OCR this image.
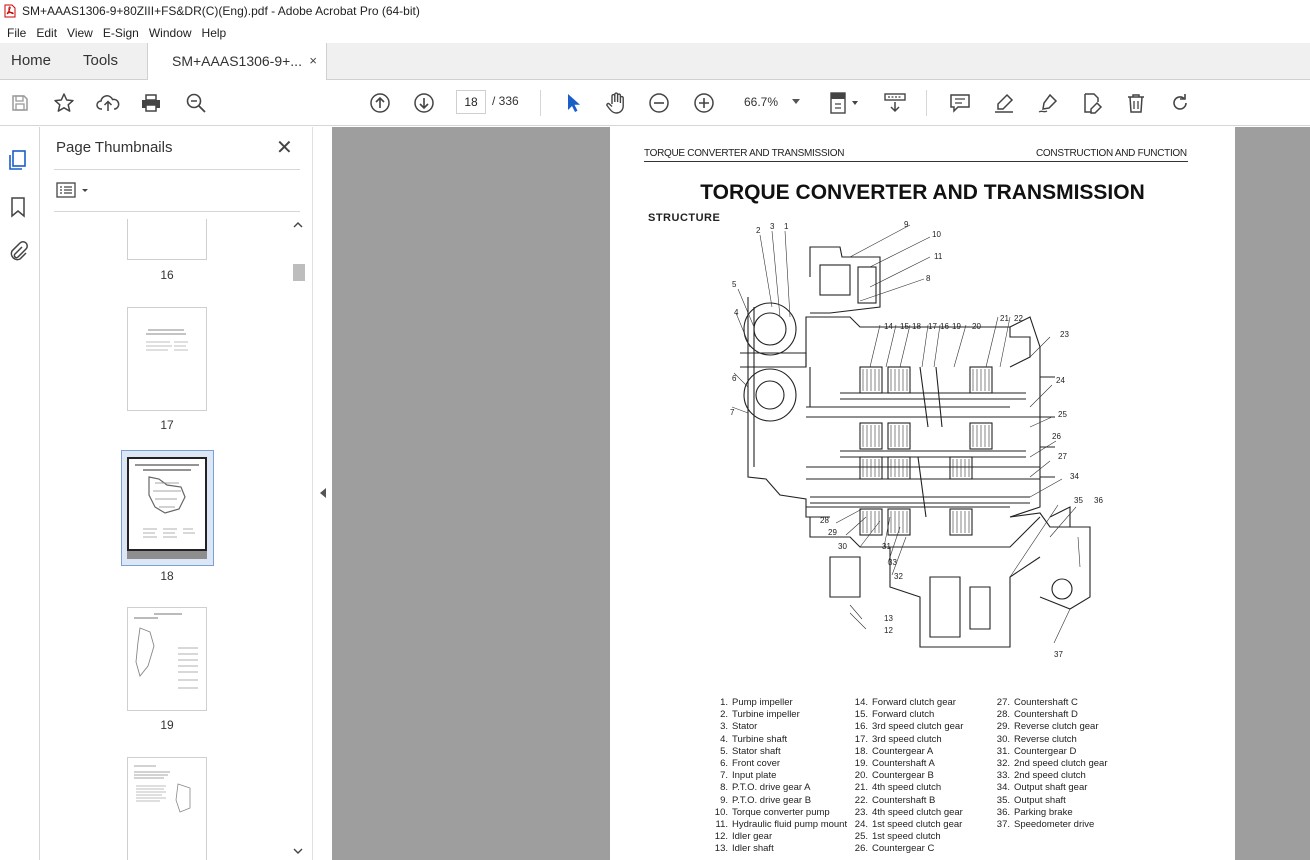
SM+AAAS1306-9+80ZIII+FS&DR(C)(Eng).pdf - Adobe Acrobat Pro (64-bit)
File Edit View E-Sign Window Help
Home Tools	SM+AAAS1306-9+... ×
18	/ 336	66.7%
Page Thumbnails	✕
16
17
18
19
TORQUE CONVERTER AND TRANSMISSION	CONSTRUCTION AND FUNCTION
TORQUE CONVERTER AND TRANSMISSION
STRUCTURE
1
2 3
4
5
6
7
8
9
10
11
12
13
14 15	16
17
18	19 20
21 22
23
24
25
26
27
28
29
30	31
32
33
34
35 36
37
1. Pump impeller
2. Turbine impeller
3. Stator
4. Turbine shaft
5. Stator shaft
6. Front cover
7. Input plate
8. P.T.O. drive gear A
9. P.T.O. drive gear B
10. Torque converter pump
11. Hydraulic fluid pump mount
12. Idler gear
13. Idler shaft
14. Forward clutch gear
15. Forward clutch
16. 3rd speed clutch gear
17. 3rd speed clutch
18. Countergear A
19. Countershaft A
20. Countergear B
21. 4th speed clutch
22. Countershaft B
23. 4th speed clutch gear
24. 1st speed clutch gear
25. 1st speed clutch
26. Countergear C
27. Countershaft C
28. Countershaft D
29. Reverse clutch gear
30. Reverse clutch
31. Countergear D
32. 2nd speed clutch gear
33. 2nd speed clutch
34. Output shaft gear
35. Output shaft
36. Parking brake
37. Speedometer drive
